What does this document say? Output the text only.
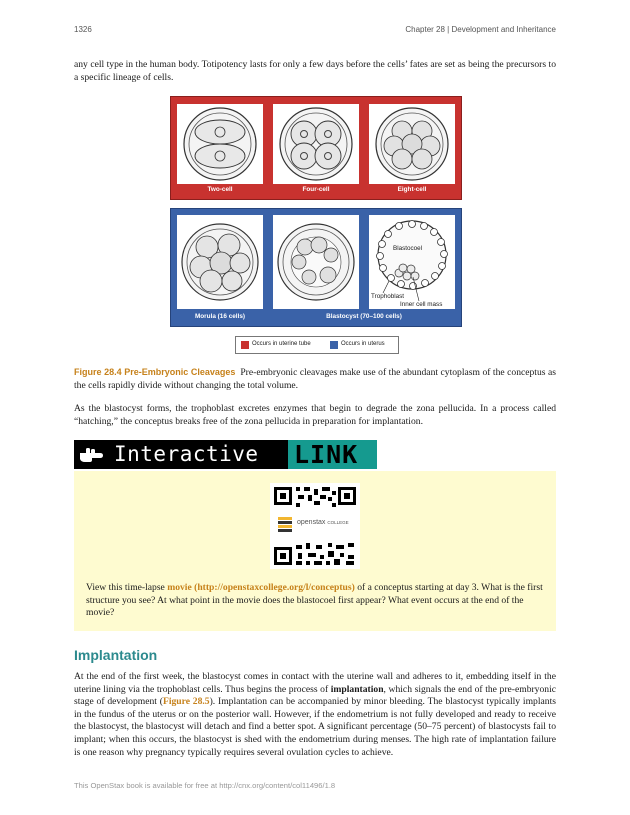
1326	Chapter 28 | Development and Inheritance
any cell type in the human body. Totipotency lasts for only a few days before the cells’ fates are set as being the precursors to a specific lineage of cells.
Two-cell	Four-cell	Eight-cell
Blastocoel
Trophoblast
Inner cell mass
Morula (16 cells)	Blastocyst (70–100 cells)
Occurs in uterine tube	Occurs in uterus
Figure 28.4 Pre-Embryonic Cleavages Pre-embryonic cleavages make use of the abundant cytoplasm of the conceptus as the cells rapidly divide without changing the total volume.
As the blastocyst forms, the trophoblast excretes enzymes that begin to degrade the zona pellucida. In a process called “hatching,” the conceptus breaks free of the zona pellucida in preparation for implantation.
Interactive LINK
openstax COLLEGE
View this time-lapse movie (http://openstaxcollege.org/l/conceptus) of a conceptus starting at day 3. What is the first structure you see? At what point in the movie does the blastocoel first appear? What event occurs at the end of the movie?
Implantation
At the end of the first week, the blastocyst comes in contact with the uterine wall and adheres to it, embedding itself in the uterine lining via the trophoblast cells. Thus begins the process of implantation, which signals the end of the pre-embryonic stage of development (Figure 28.5). Implantation can be accompanied by minor bleeding. The blastocyst typically implants in the fundus of the uterus or on the posterior wall. However, if the endometrium is not fully developed and ready to receive the blastocyst, the blastocyst will detach and find a better spot. A significant percentage (50–75 percent) of blastocysts fail to implant; when this occurs, the blastocyst is shed with the endometrium during menses. The high rate of implantation failure is one reason why pregnancy typically requires several ovulation cycles to achieve.
This OpenStax book is available for free at http://cnx.org/content/col11496/1.8
